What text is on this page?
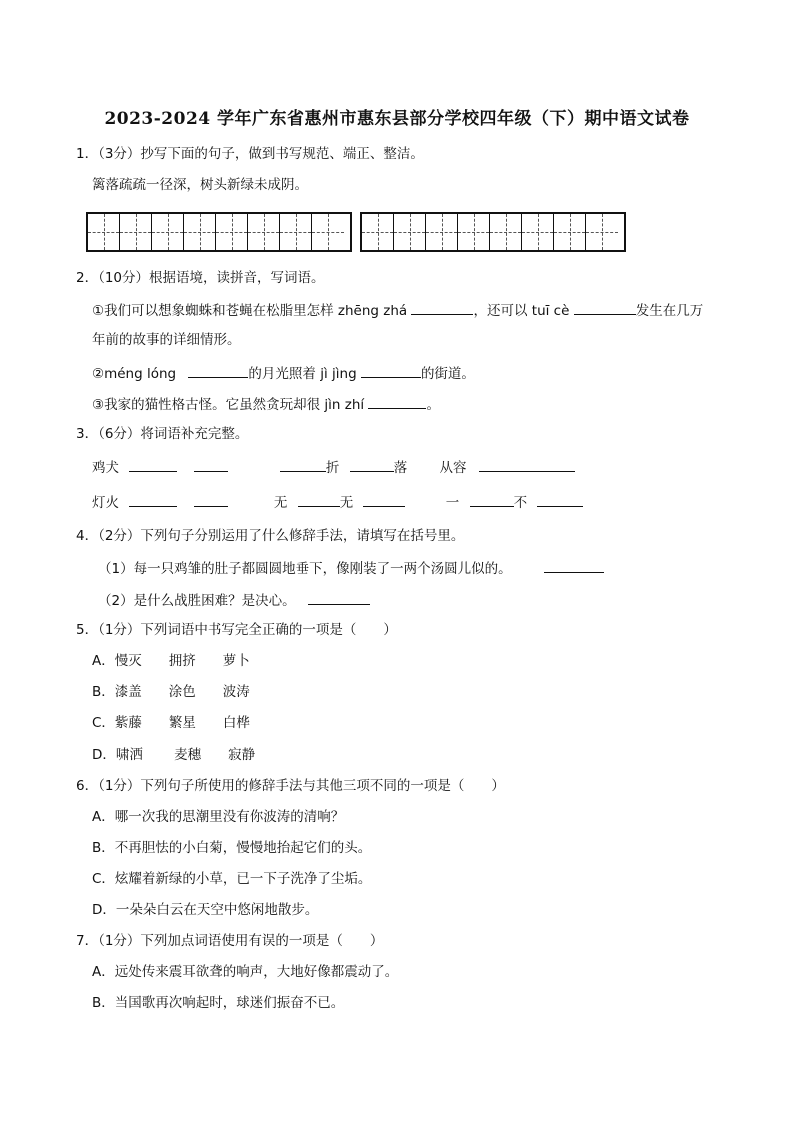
2023-2024 学年广东省惠州市惠东县部分学校四年级（下）期中语文试卷
1．（3分）抄写下面的句子，做到书写规范、端正、整洁。
篱落疏疏一径深，树头新绿未成阴。
2．（10分）根据语境，读拼音，写词语。
①我们可以想象蜘蛛和苍蝇在松脂里怎样 zhēng zhá	，还可以 tuī cè	发生在几万
年前的故事的详细情形。
②méng lóng	的月光照着 jì jìng	的街道。
③我家的猫性格古怪。它虽然贪玩却很 jìn zhí	。
3．（6分）将词语补充完整。
鸡犬	折	落 从容
灯火	无	无	一	不
4．（2分）下列句子分别运用了什么修辞手法，请填写在括号里。
（1）每一只鸡雏的肚子都圆圆地垂下，像刚装了一两个汤圆儿似的。
（2）是什么战胜困难？是决心。
5．（1分）下列词语中书写完全正确的一项是（　　）
A．慢灭　　拥挤　　萝卜
B．漆盖　　涂色　　波涛
C．紫藤　　繁星　　白桦
D．啸洒　　 麦穗　　寂静
6．（1分）下列句子所使用的修辞手法与其他三项不同的一项是（　　）
A．哪一次我的思潮里没有你波涛的清响？
B．不再胆怯的小白菊，慢慢地抬起它们的头。
C．炫耀着新绿的小草，已一下子洗净了尘垢。
D．一朵朵白云在天空中悠闲地散步。
7．（1分）下列加点词语使用有误的一项是（　　）
A．远处传来震耳欲聋的响声，大地好像都震动了。
B．当国歌再次响起时，球迷们振奋不已。
